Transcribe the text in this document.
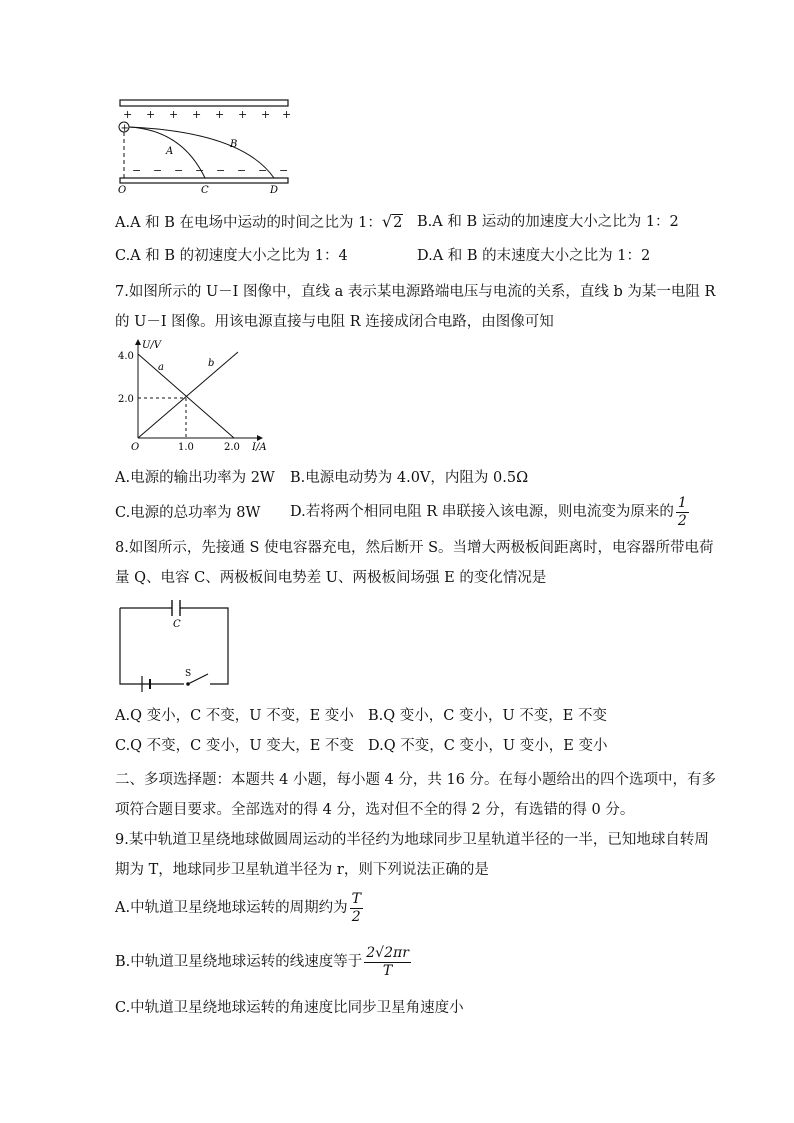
+ + + + + + + +
+
A
B
− − − − − − − −
O	C	D
A.A 和 B 在电场中运动的时间之比为 1：√2 B.A 和 B 运动的加速度大小之比为 1：2
C.A 和 B 的初速度大小之比为 1：4	D.A 和 B 的末速度大小之比为 1：2
7.如图所示的 U－I 图像中，直线 a 表示某电源路端电压与电流的关系，直线 b 为某一电阻 R
的 U－I 图像。用该电源直接与电阻 R 连接成闭合电路，由图像可知
U/V
I/A
O
4.0
2.0
1.0	2.0
a	b
A.电源的输出功率为 2W B.电源电动势为 4.0V，内阻为 0.5Ω
C.电源的总功率为 8W D.若将两个相同电阻 R 串联接入该电源，则电流变为原来的 $\frac{1}{2}$
8.如图所示，先接通 S 使电容器充电，然后断开 S。当增大两极板间距离时，电容器所带电荷
量 Q、电容 C、两极板间电势差 U、两极板间场强 E 的变化情况是
C
S
A.Q 变小，C 不变，U 不变，E 变小 B.Q 变小，C 变小，U 不变，E 不变
C.Q 不变，C 变小，U 变大，E 不变 D.Q 不变，C 变小，U 变小，E 变小
二、多项选择题：本题共 4 小题，每小题 4 分，共 16 分。在每小题给出的四个选项中，有多
项符合题目要求。全部选对的得 4 分，选对但不全的得 2 分，有选错的得 0 分。
9.某中轨道卫星绕地球做圆周运动的半径约为地球同步卫星轨道半径的一半，已知地球自转周
期为 T，地球同步卫星轨道半径为 r，则下列说法正确的是
A.中轨道卫星绕地球运转的周期约为 $\frac{T}{2}$
B.中轨道卫星绕地球运转的线速度等于 $\frac{2√2\pi r}{T}$
C.中轨道卫星绕地球运转的角速度比同步卫星角速度小
